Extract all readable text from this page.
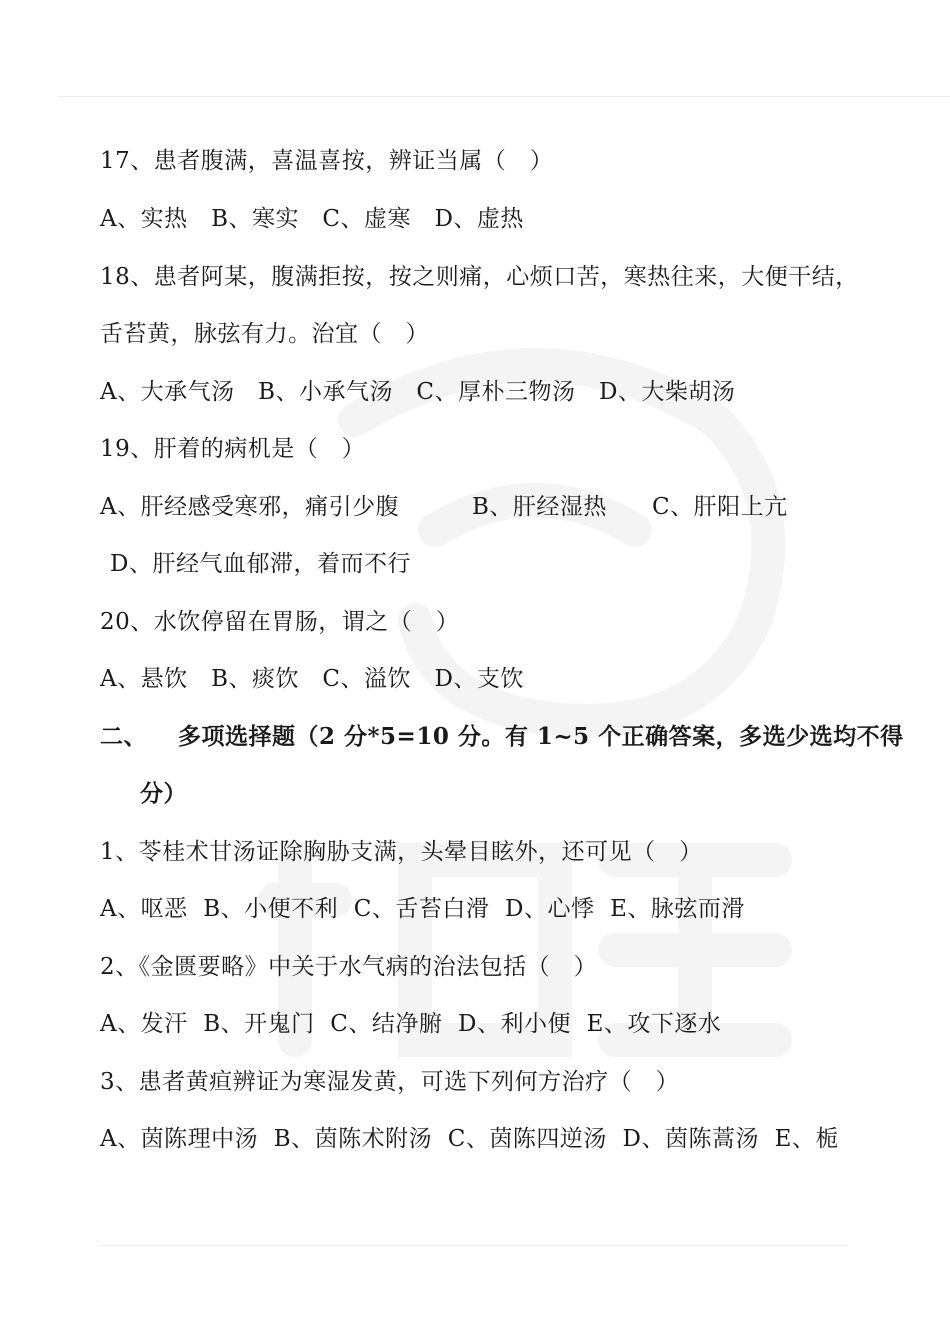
17、患者腹满，喜温喜按，辨证当属（　）
A、实热 B、寒实 C、虚寒 D、虚热
18、患者阿某，腹满拒按，按之则痛，心烦口苦，寒热往来，大便干结，
舌苔黄，脉弦有力。治宜（　）
A、大承气汤 B、小承气汤 C、厚朴三物汤 D、大柴胡汤
19、肝着的病机是（　）
A、肝经感受寒邪，痛引少腹	B、肝经湿热 C、肝阳上亢
D、肝经气血郁滞，着而不行
20、水饮停留在胃肠，谓之（　）
A、悬饮 B、痰饮 C、溢饮 D、支饮
二、 多项选择题（2 分*5=10 分。有 1~5 个正确答案，多选少选均不得
分）
1、苓桂术甘汤证除胸胁支满，头晕目眩外，还可见（　）
A、呕恶 B、小便不利 C、舌苔白滑 D、心悸 E、脉弦而滑
2、《金匮要略》中关于水气病的治法包括（　）
A、发汗 B、开鬼门 C、结净腑 D、利小便 E、攻下逐水
3、患者黄疸辨证为寒湿发黄，可选下列何方治疗（　）
A、茵陈理中汤 B、茵陈术附汤 C、茵陈四逆汤 D、茵陈蒿汤 E、栀
